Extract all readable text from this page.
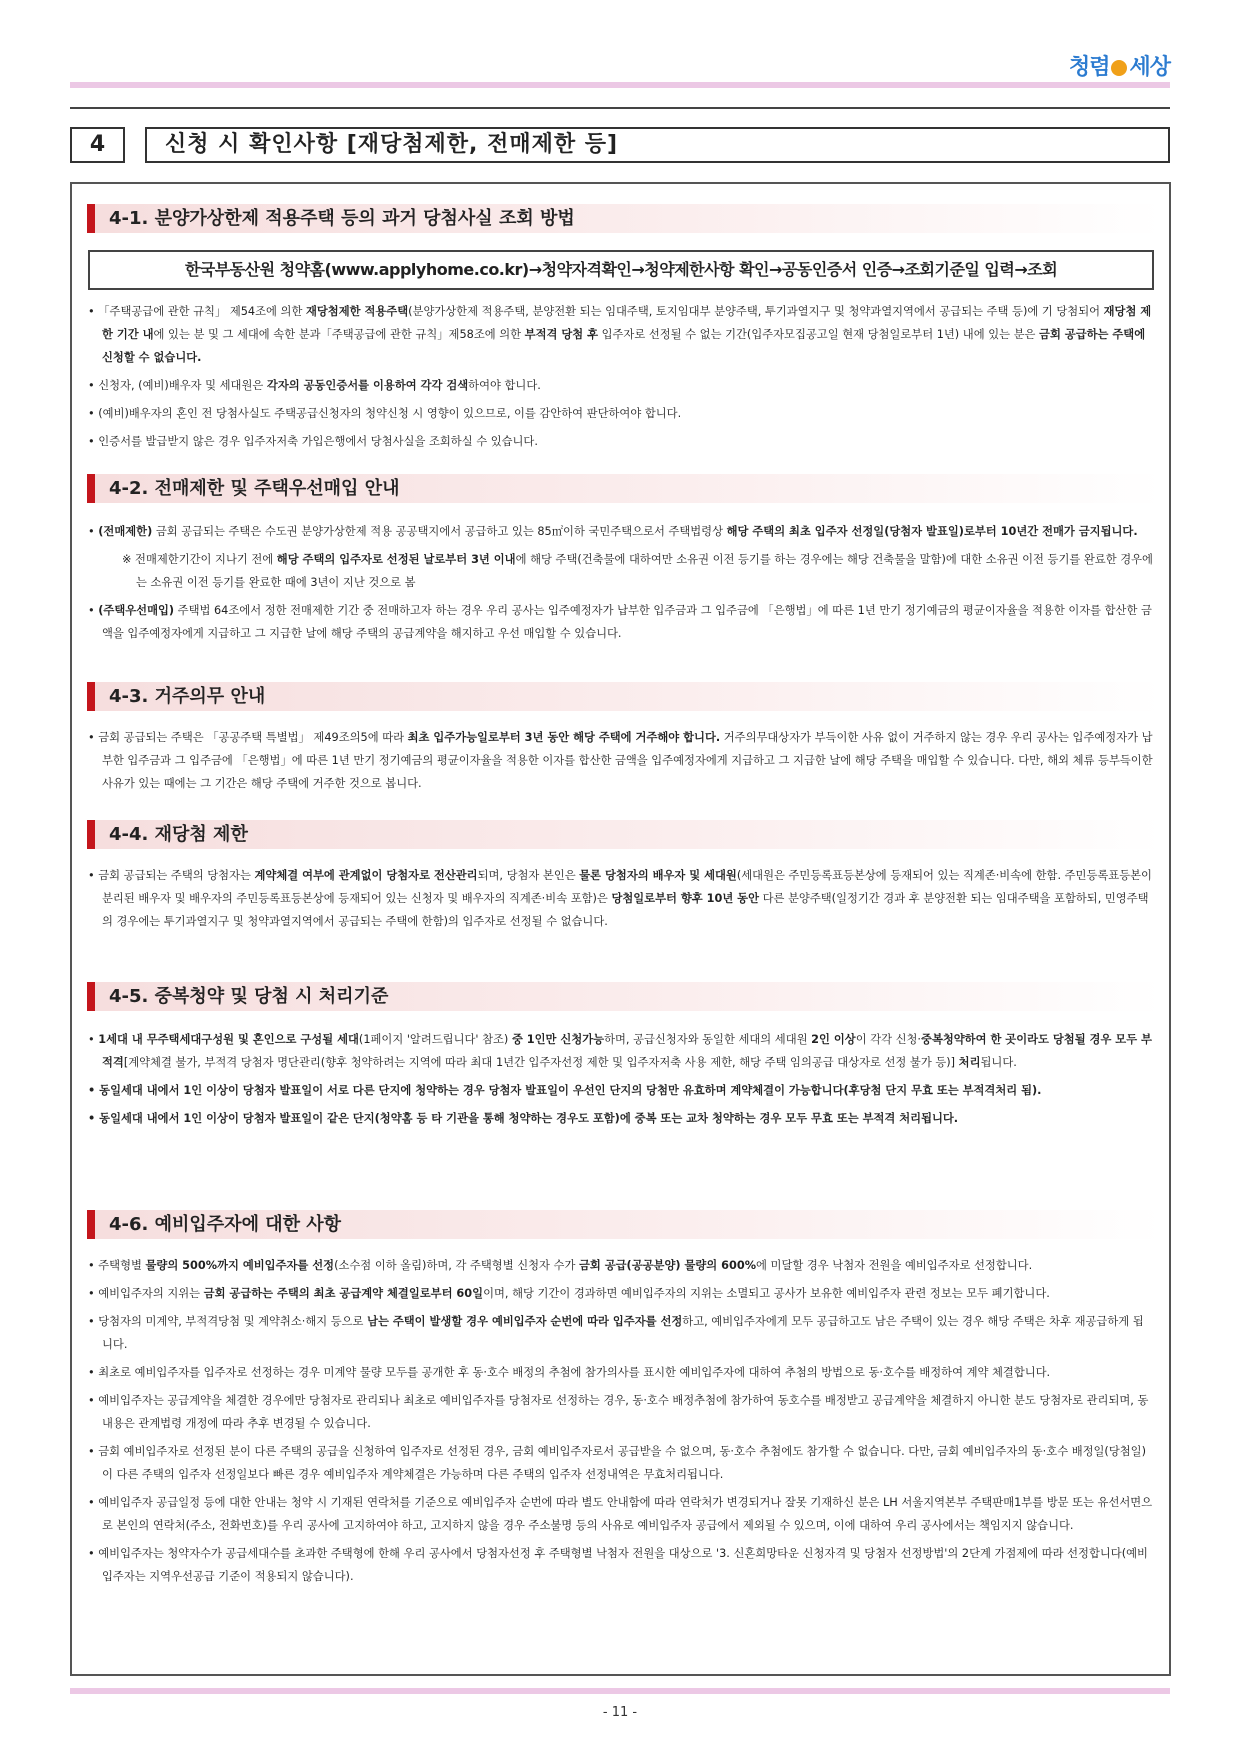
청렴 세상
4	신청 시 확인사항 [재당첨제한, 전매제한 등]
4-1. 분양가상한제 적용주택 등의 과거 당첨사실 조회 방법
한국부동산원 청약홈(www.applyhome.co.kr)→청약자격확인→청약제한사항 확인→공동인증서 인증→조회기준일 입력→조회

• 「주택공급에 관한 규칙」 제54조에 의한 재당첨제한 적용주택(분양가상한제 적용주택, 분양전환 되는 임대주택, 토지임대부 분양주택, 투기과열지구 및 청약과열지역에서 공급되는 주택 등)에 기 당첨되어 재당첨 제한 기간 내에 있는 분 및 그 세대에 속한 분과「주택공급에 관한 규칙」제58조에 의한 부적격 당첨 후 입주자로 선정될 수 없는 기간(입주자모집공고일 현재 당첨일로부터 1년) 내에 있는 분은 금회 공급하는 주택에 신청할 수 없습니다.

• 신청자, (예비)배우자 및 세대원은 각자의 공동인증서를 이용하여 각각 검색하여야 합니다.

• (예비)배우자의 혼인 전 당첨사실도 주택공급신청자의 청약신청 시 영향이 있으므로, 이를 감안하여 판단하여야 합니다.

• 인증서를 발급받지 않은 경우 입주자저축 가입은행에서 당첨사실을 조회하실 수 있습니다.

4-2. 전매제한 및 주택우선매입 안내

• (전매제한) 금회 공급되는 주택은 수도권 분양가상한제 적용 공공택지에서 공급하고 있는 85㎡이하 국민주택으로서 주택법령상 해당 주택의 최초 입주자 선정일(당첨자 발표일)로부터 10년간 전매가 금지됩니다.

※ 전매제한기간이 지나기 전에 해당 주택의 입주자로 선정된 날로부터 3년 이내에 해당 주택(건축물에 대하여만 소유권 이전 등기를 하는 경우에는 해당 건축물을 말함)에 대한 소유권 이전 등기를 완료한 경우에는 소유권 이전 등기를 완료한 때에 3년이 지난 것으로 봄

• (주택우선매입) 주택법 64조에서 정한 전매제한 기간 중 전매하고자 하는 경우 우리 공사는 입주예정자가 납부한 입주금과 그 입주금에 「은행법」에 따른 1년 만기 정기예금의 평균이자율을 적용한 이자를 합산한 금액을 입주예정자에게 지급하고 그 지급한 날에 해당 주택의 공급계약을 해지하고 우선 매입할 수 있습니다.

4-3. 거주의무 안내

• 금회 공급되는 주택은 「공공주택 특별법」 제49조의5에 따라 최초 입주가능일로부터 3년 동안 해당 주택에 거주해야 합니다. 거주의무대상자가 부득이한 사유 없이 거주하지 않는 경우 우리 공사는 입주예정자가 납부한 입주금과 그 입주금에 「은행법」에 따른 1년 만기 정기예금의 평균이자율을 적용한 이자를 합산한 금액을 입주예정자에게 지급하고 그 지급한 날에 해당 주택을 매입할 수 있습니다. 다만, 해외 체류 등부득이한 사유가 있는 때에는 그 기간은 해당 주택에 거주한 것으로 봅니다.

4-4. 재당첨 제한

• 금회 공급되는 주택의 당첨자는 계약체결 여부에 관계없이 당첨자로 전산관리되며, 당첨자 본인은 물론 당첨자의 배우자 및 세대원(세대원은 주민등록표등본상에 등재되어 있는 직계존·비속에 한함. 주민등록표등본이 분리된 배우자 및 배우자의 주민등록표등본상에 등재되어 있는 신청자 및 배우자의 직계존·비속 포함)은 당첨일로부터 향후 10년 동안 다른 분양주택(일정기간 경과 후 분양전환 되는 임대주택을 포함하되, 민영주택의 경우에는 투기과열지구 및 청약과열지역에서 공급되는 주택에 한함)의 입주자로 선정될 수 없습니다.

4-5. 중복청약 및 당첨 시 처리기준

• 1세대 내 무주택세대구성원 및 혼인으로 구성될 세대(1페이지 '알려드립니다' 참조) 중 1인만 신청가능하며, 공급신청자와 동일한 세대의 세대원 2인 이상이 각각 신청·중복청약하여 한 곳이라도 당첨될 경우 모두 부적격[계약체결 불가, 부적격 당첨자 명단관리(향후 청약하려는 지역에 따라 최대 1년간 입주자선정 제한 및 입주자저축 사용 제한, 해당 주택 임의공급 대상자로 선정 불가 등)] 처리됩니다.

• 동일세대 내에서 1인 이상이 당첨자 발표일이 서로 다른 단지에 청약하는 경우 당첨자 발표일이 우선인 단지의 당첨만 유효하며 계약체결이 가능합니다(후당첨 단지 무효 또는 부적격처리 됨).

• 동일세대 내에서 1인 이상이 당첨자 발표일이 같은 단지(청약홈 등 타 기관을 통해 청약하는 경우도 포함)에 중복 또는 교차 청약하는 경우 모두 무효 또는 부적격 처리됩니다.

4-6. 예비입주자에 대한 사항

• 주택형별 물량의 500%까지 예비입주자를 선정(소수점 이하 올림)하며, 각 주택형별 신청자 수가 금회 공급(공공분양) 물량의 600%에 미달할 경우 낙첨자 전원을 예비입주자로 선정합니다.

• 예비입주자의 지위는 금회 공급하는 주택의 최초 공급계약 체결일로부터 60일이며, 해당 기간이 경과하면 예비입주자의 지위는 소멸되고 공사가 보유한 예비입주자 관련 정보는 모두 폐기합니다.

• 당첨자의 미계약, 부적격당첨 및 계약취소·해지 등으로 남는 주택이 발생할 경우 예비입주자 순번에 따라 입주자를 선정하고, 예비입주자에게 모두 공급하고도 남은 주택이 있는 경우 해당 주택은 차후 재공급하게 됩니다.

• 최초로 예비입주자를 입주자로 선정하는 경우 미계약 물량 모두를 공개한 후 동·호수 배정의 추첨에 참가의사를 표시한 예비입주자에 대하여 추첨의 방법으로 동·호수를 배정하여 계약 체결합니다.

• 예비입주자는 공급계약을 체결한 경우에만 당첨자로 관리되나 최초로 예비입주자를 당첨자로 선정하는 경우, 동·호수 배정추첨에 참가하여 동호수를 배정받고 공급계약을 체결하지 아니한 분도 당첨자로 관리되며, 동 내용은 관계법령 개정에 따라 추후 변경될 수 있습니다.

• 금회 예비입주자로 선정된 분이 다른 주택의 공급을 신청하여 입주자로 선정된 경우, 금회 예비입주자로서 공급받을 수 없으며, 동·호수 추첨에도 참가할 수 없습니다. 다만, 금회 예비입주자의 동·호수 배정일(당첨일)이 다른 주택의 입주자 선정일보다 빠른 경우 예비입주자 계약체결은 가능하며 다른 주택의 입주자 선정내역은 무효처리됩니다.

• 예비입주자 공급일정 등에 대한 안내는 청약 시 기재된 연락처를 기준으로 예비입주자 순번에 따라 별도 안내함에 따라 연락처가 변경되거나 잘못 기재하신 분은 LH 서울지역본부 주택판매1부를 방문 또는 유선서면으로 본인의 연락처(주소, 전화번호)를 우리 공사에 고지하여야 하고, 고지하지 않을 경우 주소불명 등의 사유로 예비입주자 공급에서 제외될 수 있으며, 이에 대하여 우리 공사에서는 책임지지 않습니다.

• 예비입주자는 청약자수가 공급세대수를 초과한 주택형에 한해 우리 공사에서 당첨자선정 후 주택형별 낙첨자 전원을 대상으로 '3. 신혼희망타운 신청자격 및 당첨자 선정방법'의 2단계 가점제에 따라 선정합니다(예비입주자는 지역우선공급 기준이 적용되지 않습니다).

- 11 -
